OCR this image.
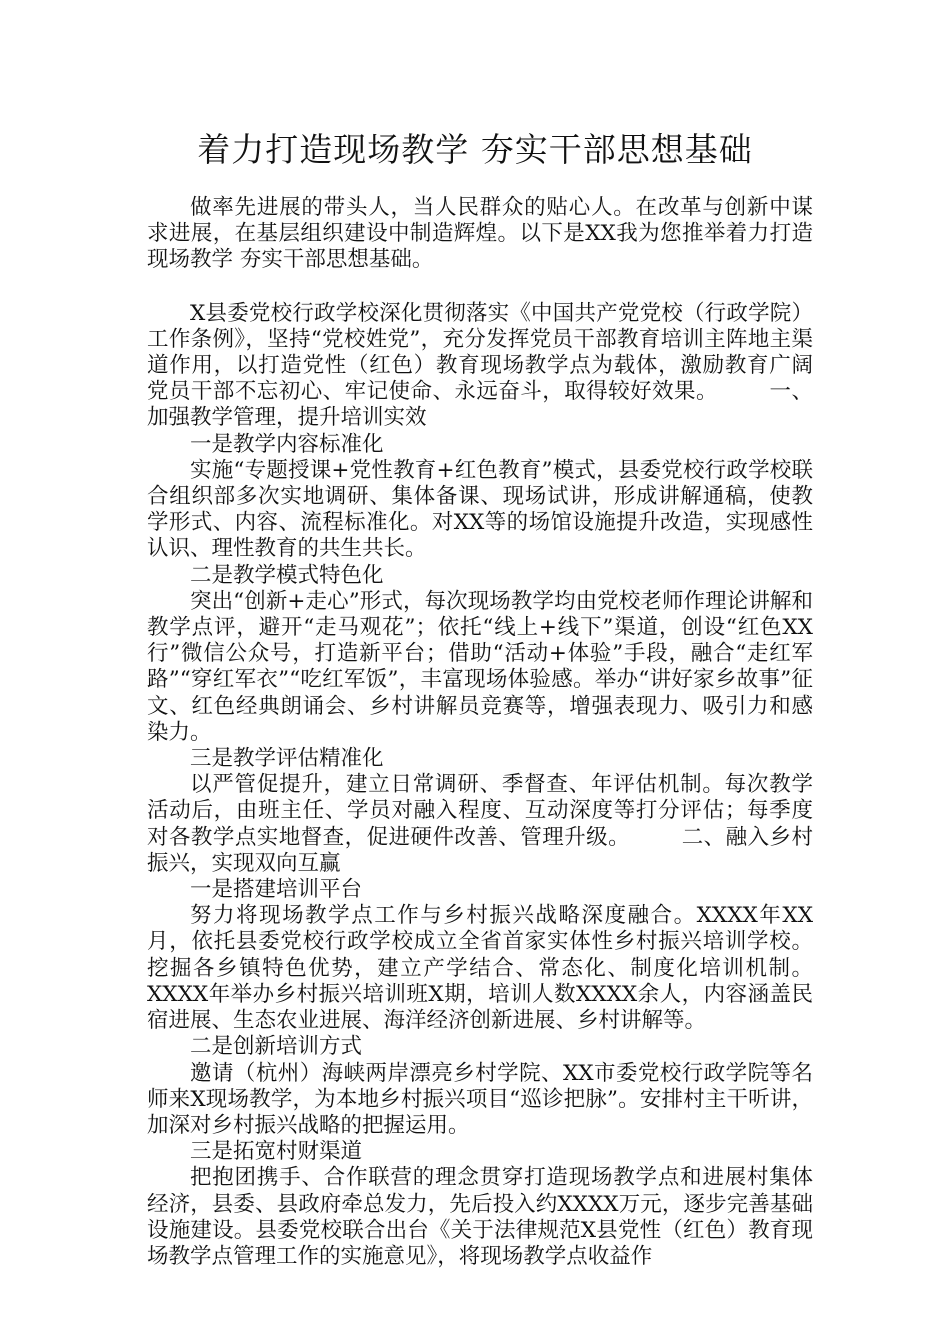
着力打造现场教学 夯实干部思想基础

做率先进展的带头人，当人民群众的贴心人。在改革与创新中谋求进展，在基层组织建设中制造辉煌。以下是XX我为您推举着力打造现场教学 夯实干部思想基础。

X县委党校行政学校深化贯彻落实《中国共产党党校（行政学院）工作条例》，坚持“党校姓党”，充分发挥党员干部教育培训主阵地主渠道作用，以打造党性（红色）教育现场教学点为载体，激励教育广阔党员干部不忘初心、牢记使命、永远奋斗，取得较好效果。 一、加强教学管理，提升培训实效

一是教学内容标准化

实施“专题授课+党性教育+红色教育”模式，县委党校行政学校联合组织部多次实地调研、集体备课、现场试讲，形成讲解通稿，使教学形式、内容、流程标准化。对XX等的场馆设施提升改造，实现感性认识、理性教育的共生共长。

二是教学模式特色化

突出“创新+走心”形式，每次现场教学均由党校老师作理论讲解和教学点评，避开“走马观花”；依托“线上+线下”渠道，创设“红色XX行”微信公众号，打造新平台；借助“活动+体验”手段，融合“走红军路”“穿红军衣”“吃红军饭”，丰富现场体验感。举办“讲好家乡故事”征文、红色经典朗诵会、乡村讲解员竞赛等，增强表现力、吸引力和感染力。

三是教学评估精准化

以严管促提升，建立日常调研、季督查、年评估机制。每次教学活动后，由班主任、学员对融入程度、互动深度等打分评估；每季度对各教学点实地督查，促进硬件改善、管理升级。 二、融入乡村振兴，实现双向互赢

一是搭建培训平台

努力将现场教学点工作与乡村振兴战略深度融合。XXXX年XX月，依托县委党校行政学校成立全省首家实体性乡村振兴培训学校。挖掘各乡镇特色优势，建立产学结合、常态化、制度化培训机制。XXXX年举办乡村振兴培训班X期，培训人数XXXX余人，内容涵盖民宿进展、生态农业进展、海洋经济创新进展、乡村讲解等。

二是创新培训方式

邀请（杭州）海峡两岸漂亮乡村学院、XX市委党校行政学院等名师来X现场教学，为本地乡村振兴项目“巡诊把脉”。安排村主干听讲，加深对乡村振兴战略的把握运用。

三是拓宽村财渠道

把抱团携手、合作联营的理念贯穿打造现场教学点和进展村集体经济，县委、县政府牵总发力，先后投入约XXXX万元，逐步完善基础设施建设。县委党校联合出台《关于法律规范X县党性（红色）教育现场教学点管理工作的实施意见》，将现场教学点收益作
